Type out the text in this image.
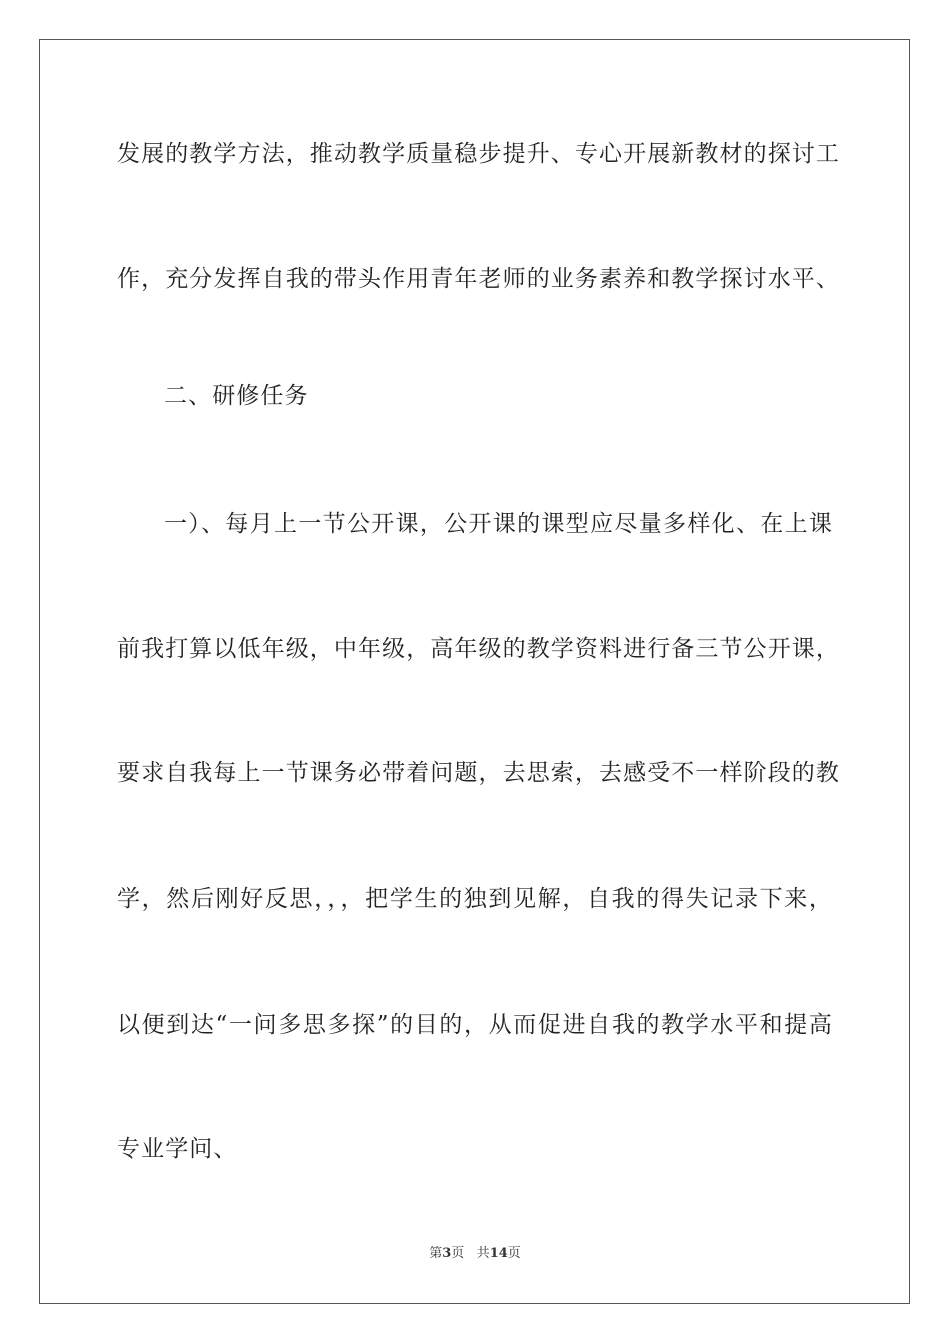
发展的教学方法，推动教学质量稳步提升、专心开展新教材的探讨工
作，充分发挥自我的带头作用青年老师的业务素养和教学探讨水平、
二、研修任务
一）、每月上一节公开课，公开课的课型应尽量多样化、在上课
前我打算以低年级，中年级，高年级的教学资料进行备三节公开课，
要求自我每上一节课务必带着问题，去思索，去感受不一样阶段的教
学，然后刚好反思，，，把学生的独到见解，自我的得失记录下来，
以便到达“一问多思多探”的目的，从而促进自我的教学水平和提高
专业学问、
第3页 共14页
